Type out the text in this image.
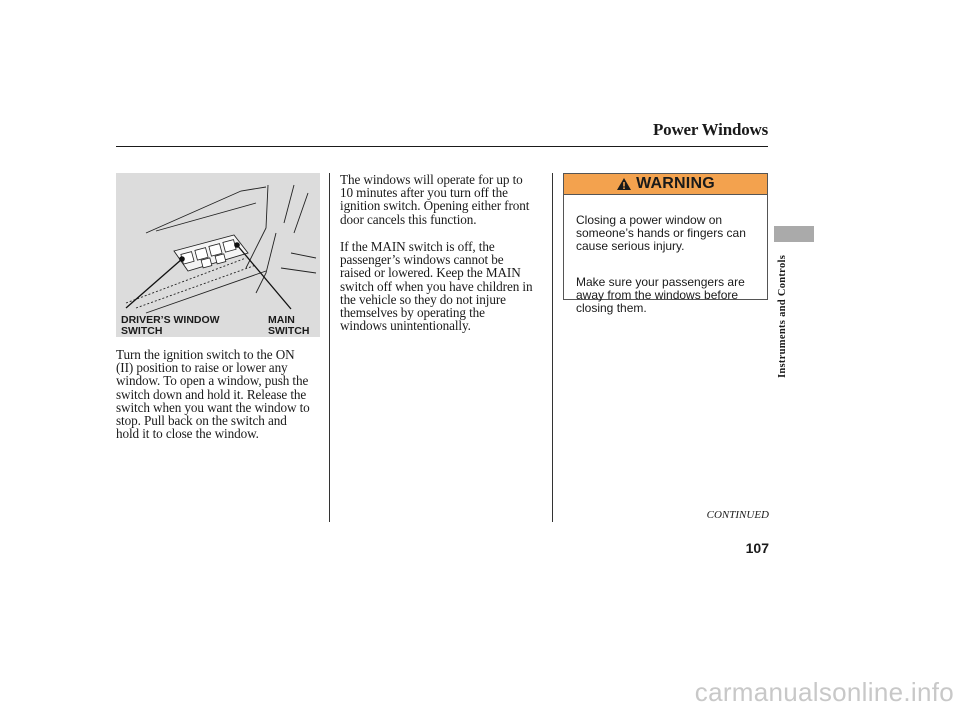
Power Windows
DRIVER’S WINDOW
SWITCH
MAIN
SWITCH
Turn the ignition switch to the ON
(II) position to raise or lower any
window. To open a window, push the
switch down and hold it. Release the
switch when you want the window to
stop. Pull back on the switch and
hold it to close the window.
The windows will operate for up to
10 minutes after you turn off the
ignition switch. Opening either front
door cancels this function.
If the MAIN switch is off, the
passenger’s windows cannot be
raised or lowered. Keep the MAIN
switch off when you have children in
the vehicle so they do not injure
themselves by operating the
windows unintentionally.
WARNING

Closing a power window on
someone’s hands or fingers can
cause serious injury.

Make sure your passengers are
away from the windows before
closing them.	Instruments and Controls
CONTINUED
107
carmanualsonline.info
